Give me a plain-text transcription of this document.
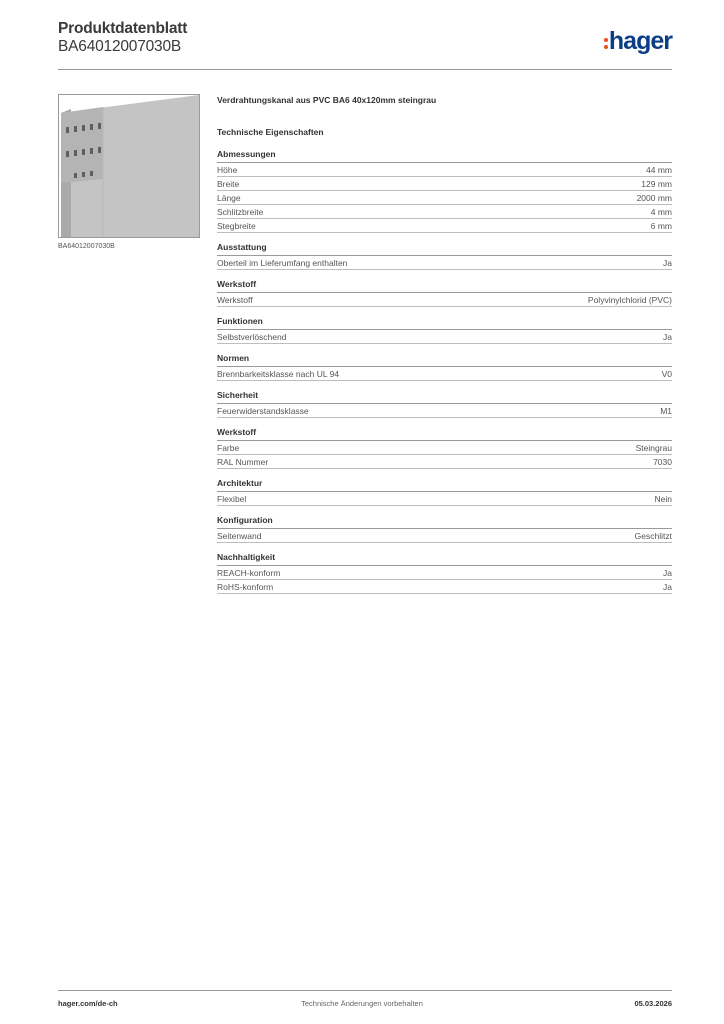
Produktdatenblatt
BA64012007030B	hager
BA64012007030B
Verdrahtungskanal aus PVC BA6 40x120mm steingrau
Technische Eigenschaften
Abmessungen
Höhe	44 mm
Breite	129 mm
Länge	2000 mm
Schlitzbreite	4 mm
Stegbreite	6 mm
Ausstattung
Oberteil im Lieferumfang enthalten	Ja
Werkstoff
Werkstoff	Polyvinylchlorid (PVC)
Funktionen
Selbstverlöschend	Ja
Normen
Brennbarkeitsklasse nach UL 94	V0
Sicherheit
Feuerwiderstandsklasse	M1
Werkstoff
Farbe	Steingrau
RAL Nummer	7030
Architektur
Flexibel	Nein
Konfiguration
Seitenwand	Geschlitzt
Nachhaltigkeit
REACH-konform	Ja
RoHS-konform	Ja
hager.com/de-ch	Technische Änderungen vorbehalten	05.03.2026
